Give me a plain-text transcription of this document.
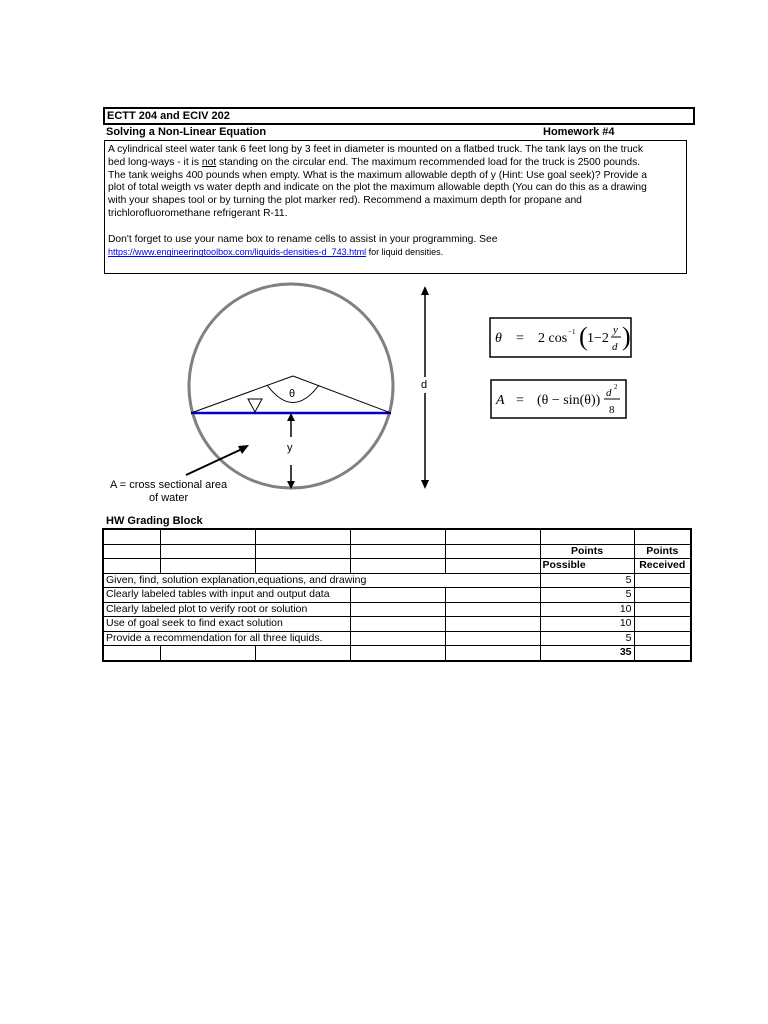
ECTT 204 and ECIV 202
Solving a Non-Linear Equation	Homework #4

A cylindrical steel water tank 6 feet long by 3 feet in diameter is mounted on a flatbed truck. The tank lays on the truck

bed long-ways - it is not standing on the circular end. The maximum recommended load for the truck is 2500 pounds.

The tank weighs 400 pounds when empty. What is the maximum allowable depth of y (Hint: Use goal seek)? Provide a

plot of total weigth vs water depth and indicate on the plot the maximum allowable depth (You can do this as a drawing

with your shapes tool or by turning the plot marker red). Recommend a maximum depth for propane and

trichlorofluoromethane refrigerant R-11.

Don't forget to use your name box to rename cells to assist in your programming. See

https://www.engineeringtoolbox.com/liquids-densities-d_743.html for liquid densities.

θ
y
d
A = cross sectional area
of water
θ = 2 cos −1 ( 1−2
y
d )
A = (θ − sin(θ)) d 2
8
HW Grading Block

					Points	Points
					Possible	Received
Given, find, solution explanation,equations, and drawing					5	
Clearly labeled tables with input and output data					5	
Clearly labeled plot to verify root or solution					10	
Use of goal seek to find exact solution					10	
Provide a recommendation for all three liquids.					5	
					35	
